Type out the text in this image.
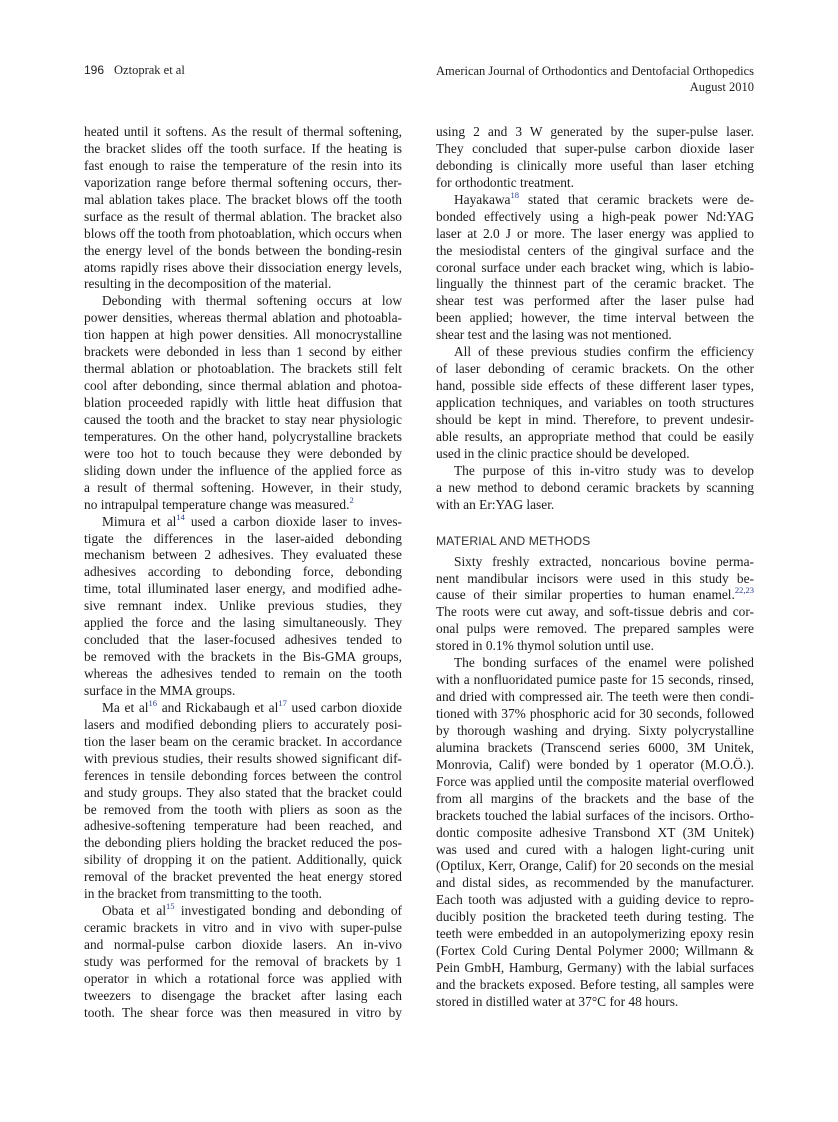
196 Oztoprak et al	American Journal of Orthodontics and Dentofacial Orthopedics
August 2010
heated until it softens. As the result of thermal softening,
the bracket slides off the tooth surface. If the heating is
fast enough to raise the temperature of the resin into its
vaporization range before thermal softening occurs, ther-
mal ablation takes place. The bracket blows off the tooth
surface as the result of thermal ablation. The bracket also
blows off the tooth from photoablation, which occurs when
the energy level of the bonds between the bonding-resin
atoms rapidly rises above their dissociation energy levels,
resulting in the decomposition of the material.
Debonding with thermal softening occurs at low
power densities, whereas thermal ablation and photoabla-
tion happen at high power densities. All monocrystalline
brackets were debonded in less than 1 second by either
thermal ablation or photoablation. The brackets still felt
cool after debonding, since thermal ablation and photoa-
blation proceeded rapidly with little heat diffusion that
caused the tooth and the bracket to stay near physiologic
temperatures. On the other hand, polycrystalline brackets
were too hot to touch because they were debonded by
sliding down under the influence of the applied force as
a result of thermal softening. However, in their study,
no intrapulpal temperature change was measured.$^2$
Mimura et $al^{14}$ used a carbon dioxide laser to inves-
tigate the differences in the laser-aided debonding
mechanism between 2 adhesives. They evaluated these
adhesives according to debonding force, debonding
time, total illuminated laser energy, and modified adhe-
sive remnant index. Unlike previous studies, they
applied the force and the lasing simultaneously. They
concluded that the laser-focused adhesives tended to
be removed with the brackets in the Bis-GMA groups,
whereas the adhesives tended to remain on the tooth
surface in the MMA groups.
Ma et $al^{16}$ and Rickabaugh et $al^{17}$ used carbon dioxide
lasers and modified debonding pliers to accurately posi-
tion the laser beam on the ceramic bracket. In accordance
with previous studies, their results showed significant dif-
ferences in tensile debonding forces between the control
and study groups. They also stated that the bracket could
be removed from the tooth with pliers as soon as the
adhesive-softening temperature had been reached, and
the debonding pliers holding the bracket reduced the pos-
sibility of dropping it on the patient. Additionally, quick
removal of the bracket prevented the heat energy stored
in the bracket from transmitting to the tooth.
Obata et $al^{15}$ investigated bonding and debonding of
ceramic brackets in vitro and in vivo with super-pulse
and normal-pulse carbon dioxide lasers. An in-vivo
study was performed for the removal of brackets by 1
operator in which a rotational force was applied with
tweezers to disengage the bracket after lasing each
tooth. The shear force was then measured in vitro by
using 2 and 3 W generated by the super-pulse laser.
They concluded that super-pulse carbon dioxide laser
debonding is clinically more useful than laser etching
for orthodontic treatment.
Hayakawa$^{18}$ stated that ceramic brackets were de-
bonded effectively using a high-peak power Nd:YAG
laser at 2.0 J or more. The laser energy was applied to
the mesiodistal centers of the gingival surface and the
coronal surface under each bracket wing, which is labio-
lingually the thinnest part of the ceramic bracket. The
shear test was performed after the laser pulse had
been applied; however, the time interval between the
shear test and the lasing was not mentioned.
All of these previous studies confirm the efficiency
of laser debonding of ceramic brackets. On the other
hand, possible side effects of these different laser types,
application techniques, and variables on tooth structures
should be kept in mind. Therefore, to prevent undesir-
able results, an appropriate method that could be easily
used in the clinic practice should be developed.
The purpose of this in-vitro study was to develop
a new method to debond ceramic brackets by scanning
with an Er:YAG laser.
MATERIAL AND METHODS
Sixty freshly extracted, noncarious bovine perma-
nent mandibular incisors were used in this study be-
cause of their similar properties to human enamel.$^{22,23}$
The roots were cut away, and soft-tissue debris and cor-
onal pulps were removed. The prepared samples were
stored in 0.1% thymol solution until use.
The bonding surfaces of the enamel were polished
with a nonfluoridated pumice paste for 15 seconds, rinsed,
and dried with compressed air. The teeth were then condi-
tioned with 37% phosphoric acid for 30 seconds, followed
by thorough washing and drying. Sixty polycrystalline
alumina brackets (Transcend series 6000, 3M Unitek,
Monrovia, Calif) were bonded by 1 operator (M.O.Ö.).
Force was applied until the composite material overflowed
from all margins of the brackets and the base of the
brackets touched the labial surfaces of the incisors. Ortho-
dontic composite adhesive Transbond XT (3M Unitek)
was used and cured with a halogen light-curing unit
(Optilux, Kerr, Orange, Calif) for 20 seconds on the mesial
and distal sides, as recommended by the manufacturer.
Each tooth was adjusted with a guiding device to repro-
ducibly position the bracketed teeth during testing. The
teeth were embedded in an autopolymerizing epoxy resin
(Fortex Cold Curing Dental Polymer 2000; Willmann &
Pein GmbH, Hamburg, Germany) with the labial surfaces
and the brackets exposed. Before testing, all samples were
stored in distilled water at 37°C for 48 hours.
